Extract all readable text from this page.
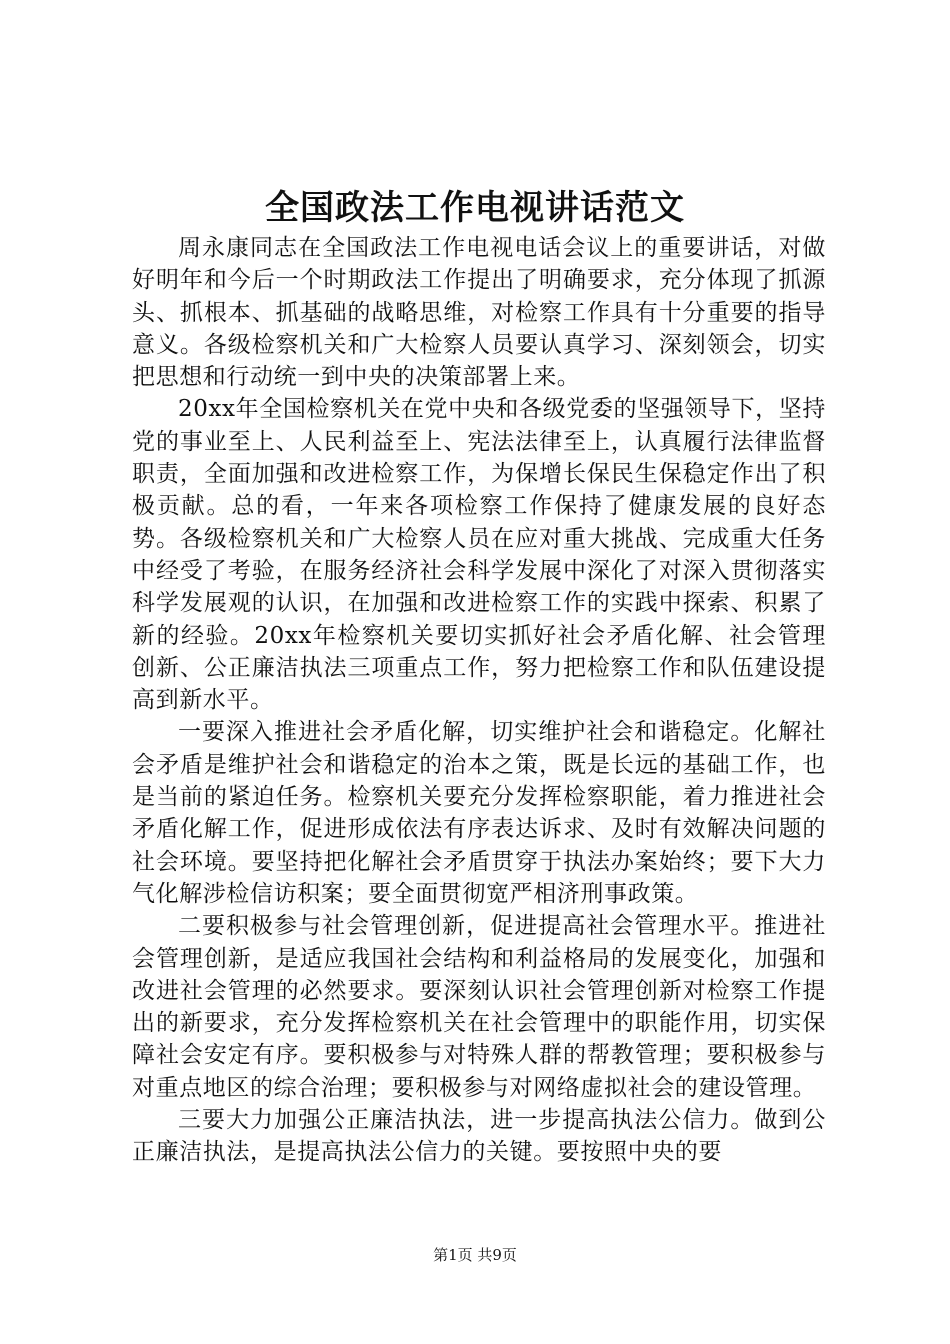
全国政法工作电视讲话范文

周永康同志在全国政法工作电视电话会议上的重要讲话，对做好明年和今后一个时期政法工作提出了明确要求，充分体现了抓源头、抓根本、抓基础的战略思维，对检察工作具有十分重要的指导意义。各级检察机关和广大检察人员要认真学习、深刻领会，切实把思想和行动统一到中央的决策部署上来。

20xx年全国检察机关在党中央和各级党委的坚强领导下，坚持党的事业至上、人民利益至上、宪法法律至上，认真履行法律监督职责，全面加强和改进检察工作，为保增长保民生保稳定作出了积极贡献。总的看，一年来各项检察工作保持了健康发展的良好态势。各级检察机关和广大检察人员在应对重大挑战、完成重大任务中经受了考验，在服务经济社会科学发展中深化了对深入贯彻落实科学发展观的认识，在加强和改进检察工作的实践中探索、积累了新的经验。20xx年检察机关要切实抓好社会矛盾化解、社会管理创新、公正廉洁执法三项重点工作，努力把检察工作和队伍建设提高到新水平。

一要深入推进社会矛盾化解，切实维护社会和谐稳定。化解社会矛盾是维护社会和谐稳定的治本之策，既是长远的基础工作，也是当前的紧迫任务。检察机关要充分发挥检察职能，着力推进社会矛盾化解工作，促进形成依法有序表达诉求、及时有效解决问题的社会环境。要坚持把化解社会矛盾贯穿于执法办案始终；要下大力气化解涉检信访积案；要全面贯彻宽严相济刑事政策。

二要积极参与社会管理创新，促进提高社会管理水平。推进社会管理创新，是适应我国社会结构和利益格局的发展变化，加强和改进社会管理的必然要求。要深刻认识社会管理创新对检察工作提出的新要求，充分发挥检察机关在社会管理中的职能作用，切实保障社会安定有序。要积极参与对特殊人群的帮教管理；要积极参与对重点地区的综合治理；要积极参与对网络虚拟社会的建设管理。

三要大力加强公正廉洁执法，进一步提高执法公信力。做到公正廉洁执法，是提高执法公信力的关键。要按照中央的要

第1页 共9页
